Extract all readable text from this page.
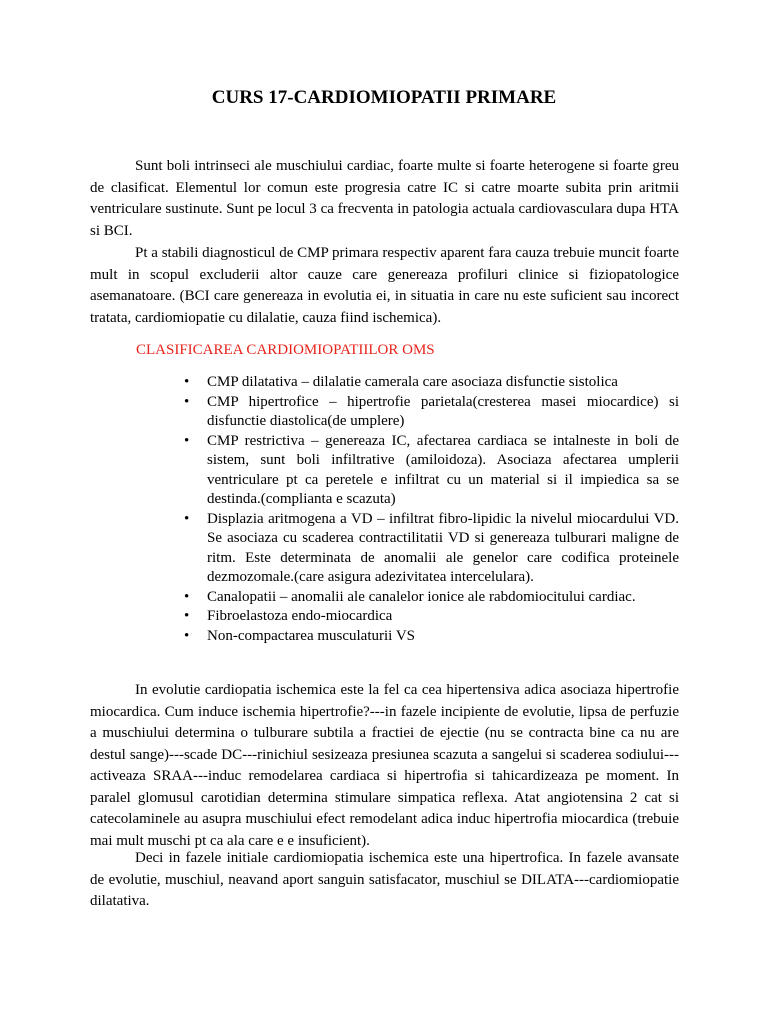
CURS 17-CARDIOMIOPATII PRIMARE

Sunt boli intrinseci ale muschiului cardiac, foarte multe si foarte heterogene si foarte greu de clasificat. Elementul lor comun este progresia catre IC si catre moarte subita prin aritmii ventriculare sustinute. Sunt pe locul 3 ca frecventa in patologia actuala cardiovasculara dupa HTA si BCI.

Pt a stabili diagnosticul de CMP primara respectiv aparent fara cauza trebuie muncit foarte mult in scopul excluderii altor cauze care genereaza profiluri clinice si fiziopatologice asemanatoare. (BCI care genereaza in evolutia ei, in situatia in care nu este suficient sau incorect tratata, cardiomiopatie cu dilalatie, cauza fiind ischemica).

CLASIFICAREA CARDIOMIOPATIILOR OMS

•	CMP dilatativa – dilalatie camerala care asociaza disfunctie sistolica
•	CMP hipertrofice – hipertrofie parietala(cresterea masei miocardice) si disfunctie diastolica(de umplere)
•	CMP restrictiva – genereaza IC, afectarea cardiaca se intalneste in boli de sistem, sunt boli infiltrative (amiloidoza). Asociaza afectarea umplerii ventriculare pt ca peretele e infiltrat cu un material si il impiedica sa se destinda.(complianta e scazuta)
•	Displazia aritmogena a VD – infiltrat fibro-lipidic la nivelul miocardului VD. Se asociaza cu scaderea contractilitatii VD si genereaza tulburari maligne de ritm. Este determinata de anomalii ale genelor care codifica proteinele dezmozomale.(care asigura adezivitatea intercelulara).
•	Canalopatii – anomalii ale canalelor ionice ale rabdomiocitului cardiac.
•	Fibroelastoza endo-miocardica
•	Non-compactarea musculaturii VS

In evolutie cardiopatia ischemica este la fel ca cea hipertensiva adica asociaza hipertrofie miocardica. Cum induce ischemia hipertrofie?---in fazele incipiente de evolutie, lipsa de perfuzie a muschiului determina o tulburare subtila a fractiei de ejectie (nu se contracta bine ca nu are destul sange)---scade DC---rinichiul sesizeaza presiunea scazuta a sangelui si scaderea sodiului---activeaza SRAA---induc remodelarea cardiaca si hipertrofia si tahicardizeaza pe moment. In paralel glomusul carotidian determina stimulare simpatica reflexa. Atat angiotensina 2 cat si catecolaminele au asupra muschiului efect remodelant adica induc hipertrofia miocardica (trebuie mai mult muschi pt ca ala care e e insuficient).

Deci in fazele initiale cardiomiopatia ischemica este una hipertrofica. In fazele avansate de evolutie, muschiul, neavand aport sanguin satisfacator, muschiul se DILATA---cardiomiopatie dilatativa.
